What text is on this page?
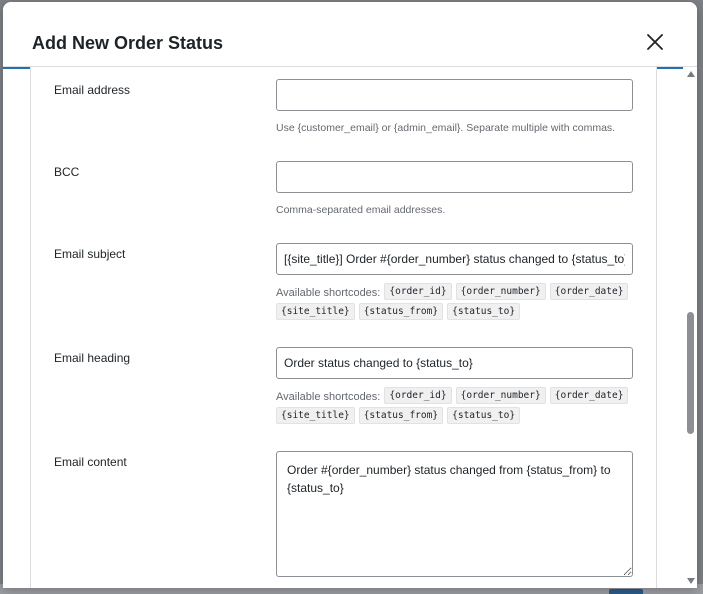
Add New Order Status
Email address
Use {customer_email} or {admin_email}. Separate multiple with commas.
BCC
Comma-separated email addresses.
Email subject
[{site_title}] Order #{order_number} status changed to {status_to} - {
Available shortcodes: {order_id} {order_number} {order_date}
{site_title} {status_from} {status_to}
Email heading
Order status changed to {status_to}
Available shortcodes: {order_id} {order_number} {order_date}
{site_title} {status_from} {status_to}
Email content
Order #{order_number} status changed from {status_from} to {status_to}
